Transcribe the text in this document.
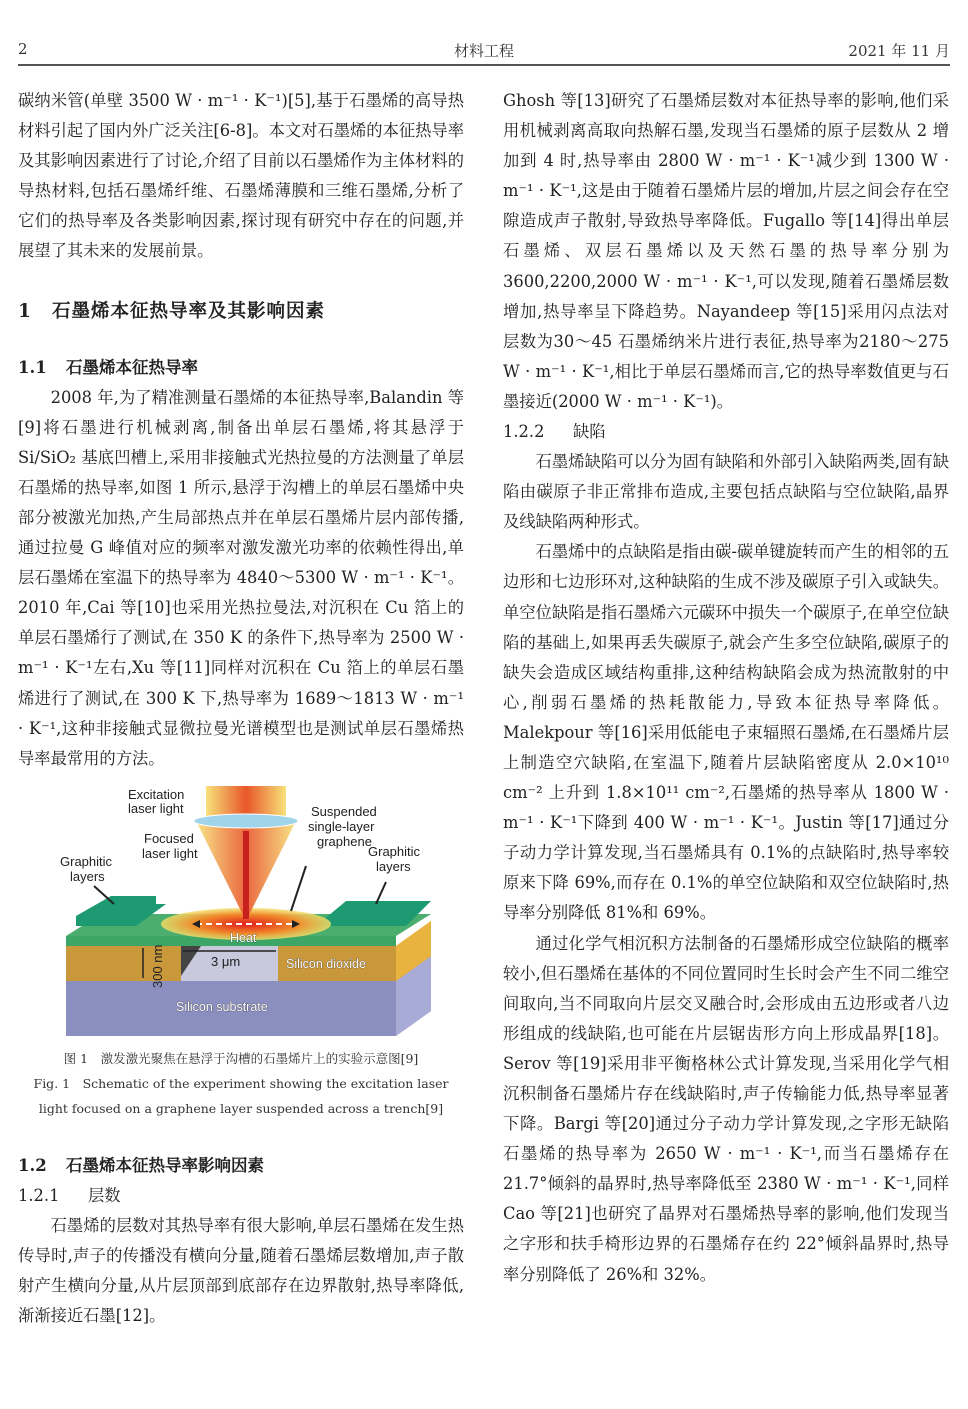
2	材料工程	2021 年 11 月

碳纳米管(单壁 3500 W · m⁻¹ · K⁻¹)[5],基于石墨烯的高导热材料引起了国内外广泛关注[6-8]。本文对石墨烯的本征热导率及其影响因素进行了讨论,介绍了目前以石墨烯作为主体材料的导热材料,包括石墨烯纤维、石墨烯薄膜和三维石墨烯,分析了它们的热导率及各类影响因素,探讨现有研究中存在的问题,并展望了其未来的发展前景。

1 石墨烯本征热导率及其影响因素
1.1 石墨烯本征热导率

2008 年,为了精准测量石墨烯的本征热导率,Balandin 等[9]将石墨进行机械剥离,制备出单层石墨烯,将其悬浮于 Si/SiO₂ 基底凹槽上,采用非接触式光热拉曼的方法测量了单层石墨烯的热导率,如图 1 所示,悬浮于沟槽上的单层石墨烯中央部分被激光加热,产生局部热点并在单层石墨烯片层内部传播,通过拉曼 G 峰值对应的频率对激发激光功率的依赖性得出,单层石墨烯在室温下的热导率为 4840～5300 W · m⁻¹ · K⁻¹。2010 年,Cai 等[10]也采用光热拉曼法,对沉积在 Cu 箔上的单层石墨烯行了测试,在 350 K 的条件下,热导率为 2500 W · m⁻¹ · K⁻¹左右,Xu 等[11]同样对沉积在 Cu 箔上的单层石墨烯进行了测试,在 300 K 下,热导率为 1689～1813 W · m⁻¹ · K⁻¹,这种非接触式显微拉曼光谱模型也是测试单层石墨烯热导率最常用的方法。

Excitation
laser light
Focused
laser light
Graphitic
layers
Suspended
single-layer
graphene
Graphitic
layers
Heat
3 μm	Silicon dioxide
Silicon substrate
300 nm
图 1　激发激光聚焦在悬浮于沟槽的石墨烯片上的实验示意图[9]
Fig. 1　Schematic of the experiment showing the excitation laser
light focused on a graphene layer suspended across a trench[9]
1.2 石墨烯本征热导率影响因素
1.2.1 层数

石墨烯的层数对其热导率有很大影响,单层石墨烯在发生热传导时,声子的传播没有横向分量,随着石墨烯层数增加,声子散射产生横向分量,从片层顶部到底部存在边界散射,热导率降低,渐渐接近石墨[12]。

Ghosh 等[13]研究了石墨烯层数对本征热导率的影响,他们采用机械剥离高取向热解石墨,发现当石墨烯的原子层数从 2 增加到 4 时,热导率由 2800 W · m⁻¹ · K⁻¹减少到 1300 W · m⁻¹ · K⁻¹,这是由于随着石墨烯片层的增加,片层之间会存在空隙造成声子散射,导致热导率降低。Fugallo 等[14]得出单层石墨烯、双层石墨烯以及天然石墨的热导率分别为 3600,2200,2000 W · m⁻¹ · K⁻¹,可以发现,随着石墨烯层数增加,热导率呈下降趋势。Nayandeep 等[15]采用闪点法对层数为30～45 石墨烯纳米片进行表征,热导率为2180～275 W · m⁻¹ · K⁻¹,相比于单层石墨烯而言,它的热导率数值更与石墨接近(2000 W · m⁻¹ · K⁻¹)。

1.2.2 缺陷

石墨烯缺陷可以分为固有缺陷和外部引入缺陷两类,固有缺陷由碳原子非正常排布造成,主要包括点缺陷与空位缺陷,晶界及线缺陷两种形式。

石墨烯中的点缺陷是指由碳-碳单键旋转而产生的相邻的五边形和七边形环对,这种缺陷的生成不涉及碳原子引入或缺失。单空位缺陷是指石墨烯六元碳环中损失一个碳原子,在单空位缺陷的基础上,如果再丢失碳原子,就会产生多空位缺陷,碳原子的缺失会造成区域结构重排,这种结构缺陷会成为热流散射的中心,削弱石墨烯的热耗散能力,导致本征热导率降低。Malekpour 等[16]采用低能电子束辐照石墨烯,在石墨烯片层上制造空穴缺陷,在室温下,随着片层缺陷密度从 2.0×10¹⁰ cm⁻² 上升到 1.8×10¹¹ cm⁻²,石墨烯的热导率从 1800 W · m⁻¹ · K⁻¹下降到 400 W · m⁻¹ · K⁻¹。Justin 等[17]通过分子动力学计算发现,当石墨烯具有 0.1%的点缺陷时,热导率较原来下降 69%,而存在 0.1%的单空位缺陷和双空位缺陷时,热导率分别降低 81%和 69%。

通过化学气相沉积方法制备的石墨烯形成空位缺陷的概率较小,但石墨烯在基体的不同位置同时生长时会产生不同二维空间取向,当不同取向片层交叉融合时,会形成由五边形或者八边形组成的线缺陷,也可能在片层锯齿形方向上形成晶界[18]。Serov 等[19]采用非平衡格林公式计算发现,当采用化学气相沉积制备石墨烯片存在线缺陷时,声子传输能力低,热导率显著下降。Bargi 等[20]通过分子动力学计算发现,之字形无缺陷石墨烯的热导率为 2650 W · m⁻¹ · K⁻¹,而当石墨烯存在 21.7°倾斜的晶界时,热导率降低至 2380 W · m⁻¹ · K⁻¹,同样 Cao 等[21]也研究了晶界对石墨烯热导率的影响,他们发现当之字形和扶手椅形边界的石墨烯存在约 22°倾斜晶界时,热导率分别降低了 26%和 32%。
